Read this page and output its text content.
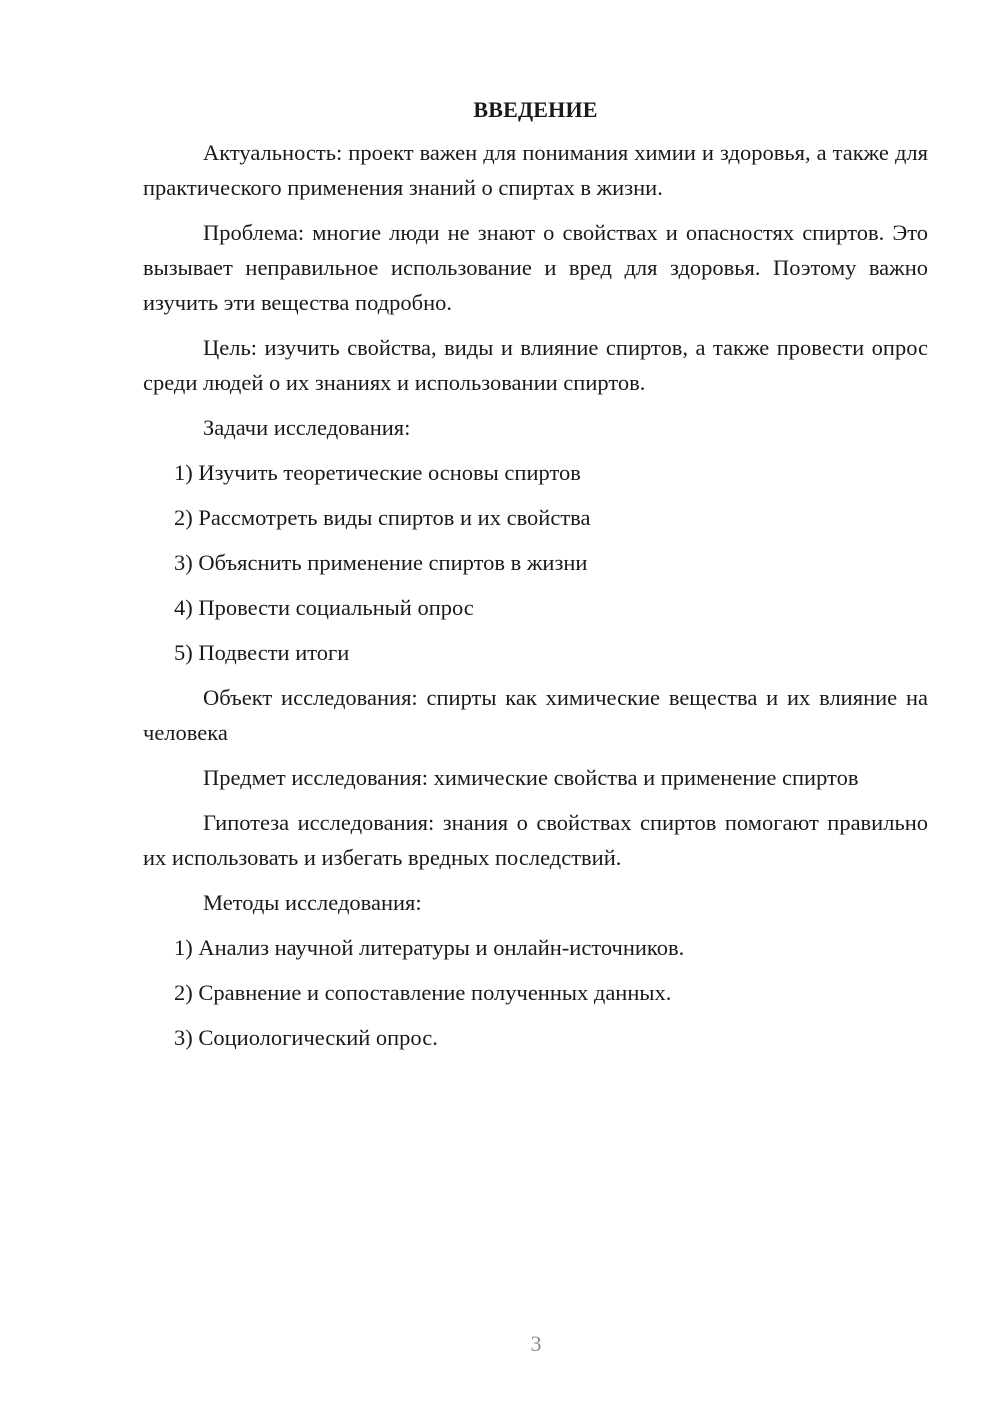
ВВЕДЕНИЕ

Актуальность: проект важен для понимания химии и здоровья, а также для практического применения знаний о спиртах в жизни.

Проблема: многие люди не знают о свойствах и опасностях спиртов. Это вызывает неправильное использование и вред для здоровья. Поэтому важно изучить эти вещества подробно.

Цель: изучить свойства, виды и влияние спиртов, а также провести опрос среди людей о их знаниях и использовании спиртов.

Задачи исследования:

1) Изучить теоретические основы спиртов
2) Рассмотреть виды спиртов и их свойства
3) Объяснить применение спиртов в жизни
4) Провести социальный опрос
5) Подвести итоги

Объект исследования: спирты как химические вещества и их влияние на человека

Предмет исследования: химические свойства и применение спиртов

Гипотеза исследования: знания о свойствах спиртов помогают правильно их использовать и избегать вредных последствий.

Методы исследования:

1) Анализ научной литературы и онлайн-источников.
2) Сравнение и сопоставление полученных данных.
3) Социологический опрос.
3
